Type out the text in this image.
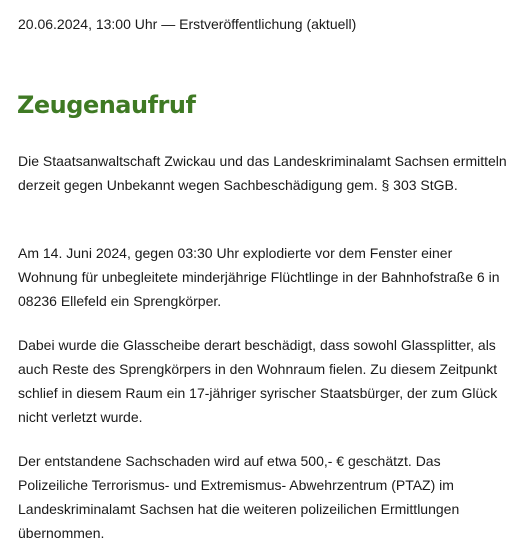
20.06.2024, 13:00 Uhr — Erstveröffentlichung (aktuell)
Zeugenaufruf

Die Staatsanwaltschaft Zwickau und das Landeskriminalamt Sachsen ermitteln derzeit gegen Unbekannt wegen Sachbeschädigung gem. § 303 StGB.

Am 14. Juni 2024, gegen 03:30 Uhr explodierte vor dem Fenster einer Wohnung für unbegleitete minderjährige Flüchtlinge in der Bahnhofstraße 6 in 08236 Ellefeld ein Sprengkörper.

Dabei wurde die Glasscheibe derart beschädigt, dass sowohl Glassplitter, als auch Reste des Sprengkörpers in den Wohnraum fielen. Zu diesem Zeitpunkt schlief in diesem Raum ein 17-jähriger syrischer Staatsbürger, der zum Glück nicht verletzt wurde.

Der entstandene Sachschaden wird auf etwa 500,- € geschätzt. Das Polizeiliche Terrorismus- und Extremismus- Abwehrzentrum (PTAZ) im Landeskriminalamt Sachsen hat die weiteren polizeilichen Ermittlungen übernommen.
